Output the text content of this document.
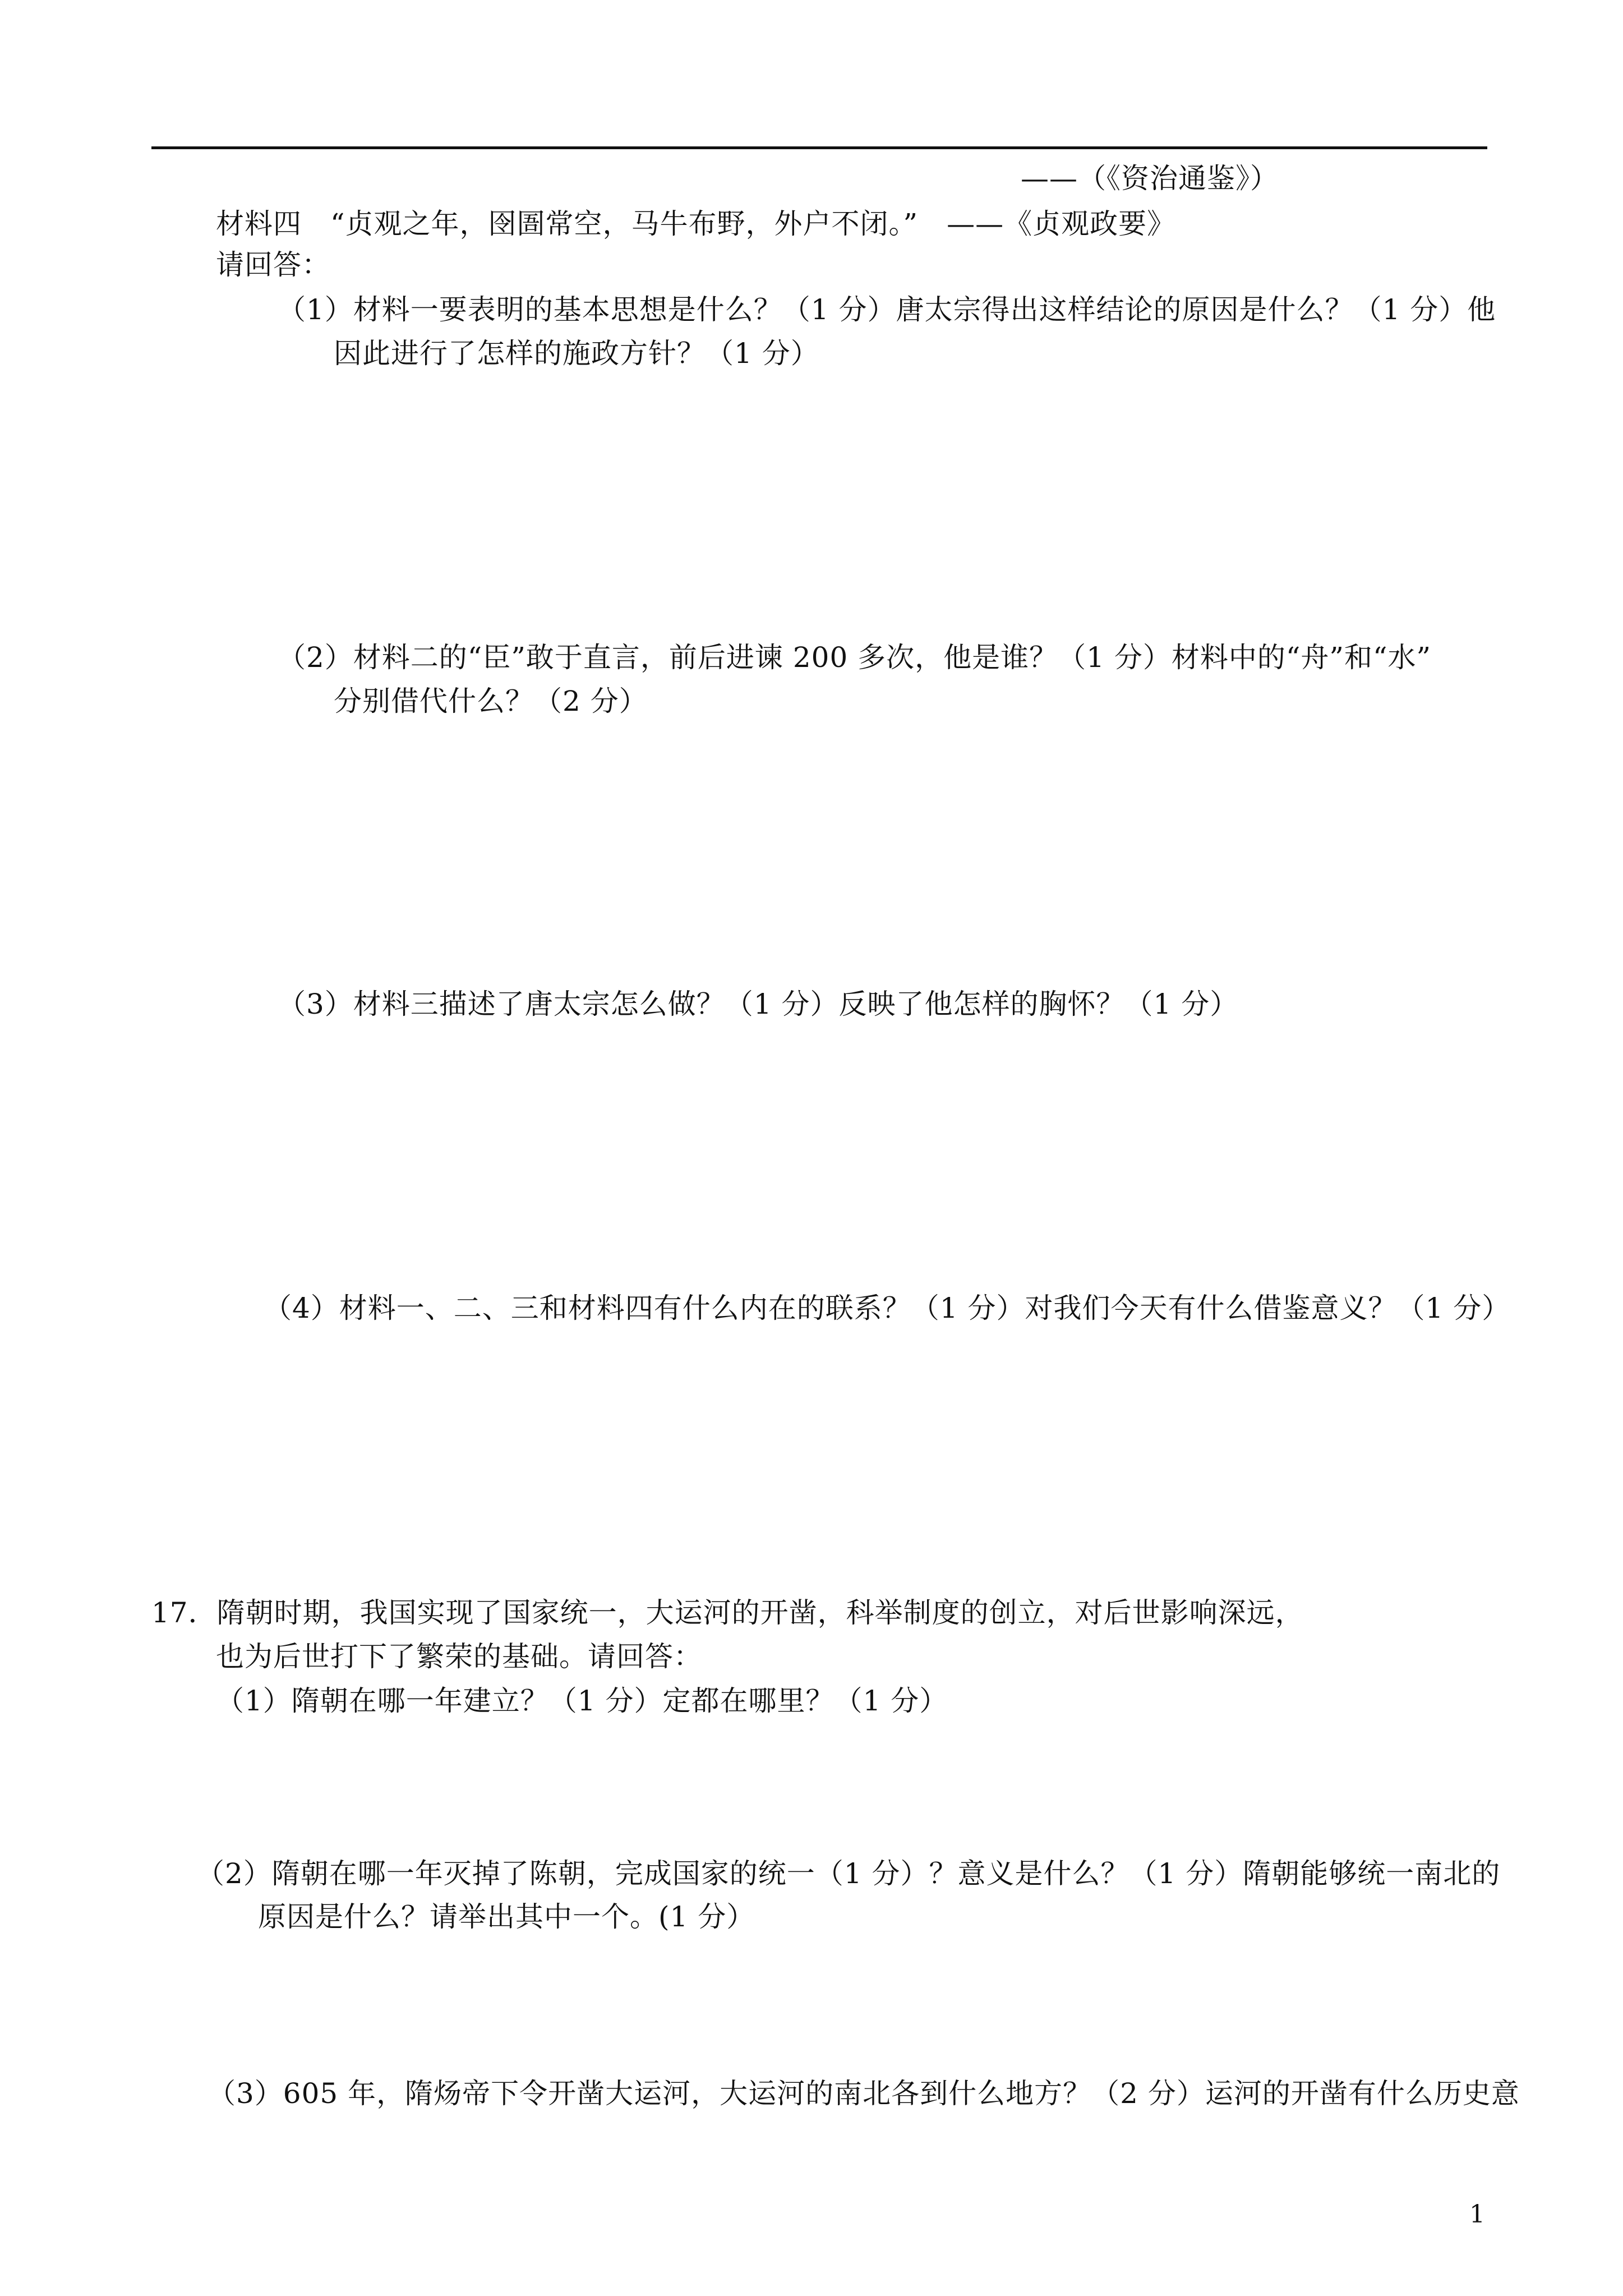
——（《资治通鉴》）
材料四　“贞观之年，囹圄常空，马牛布野，外户不闭。”　——《贞观政要》
请回答：
（1）材料一要表明的基本思想是什么？（1 分）唐太宗得出这样结论的原因是什么？（1 分）他
因此进行了怎样的施政方针？（1 分）
（2）材料二的“臣”敢于直言，前后进谏 200 多次，他是谁？（1 分）材料中的“舟”和“水”
分别借代什么？（2 分）
（3）材料三描述了唐太宗怎么做？（1 分）反映了他怎样的胸怀？（1 分）
（4）材料一、二、三和材料四有什么内在的联系？（1 分）对我们今天有什么借鉴意义？（1 分）
17．隋朝时期，我国实现了国家统一，大运河的开凿，科举制度的创立，对后世影响深远，
也为后世打下了繁荣的基础。请回答：
（1）隋朝在哪一年建立？（1 分）定都在哪里？（1 分）
（2）隋朝在哪一年灭掉了陈朝，完成国家的统一（1 分）？意义是什么？（1 分）隋朝能够统一南北的
原因是什么？请举出其中一个。(1 分）
（3）605 年，隋炀帝下令开凿大运河，大运河的南北各到什么地方？（2 分）运河的开凿有什么历史意
1
